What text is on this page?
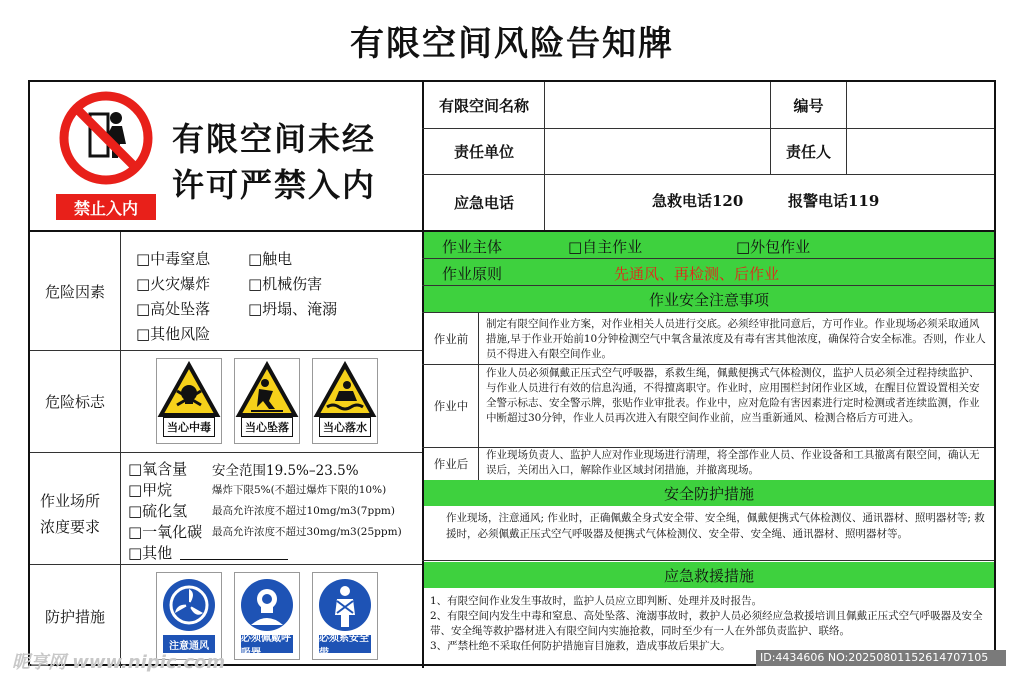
有限空间风险告知牌
禁止入内
有限空间未经
许可严禁入内
有限空间名称	编号
责任单位	责任人
应急电话	急救电话120	报警电话119
危险因素
□中毒窒息	□触电
□火灾爆炸	□机械伤害
□高处坠落	□坍塌、淹溺
□其他风险
危险标志
当心中毒	当心坠落	当心落水
作业场所
浓度要求
□氧含量 安全范围19.5%–23.5%
□甲烷	爆炸下限5%(不超过爆炸下限的10%)
□硫化氢 最高允许浓度不超过10mg/m3(7ppm)
□一氧化碳 最高允许浓度不超过30mg/m3(25ppm)
□其他
防护措施
注意通风
必须佩戴呼吸器
必须系安全带
作业主体	□自主作业	□外包作业
作业原则	先通风、再检测、后作业
作业安全注意事项
作业前
制定有限空间作业方案，对作业相关人员进行交底。必须经审批同意后，方可作业。作业现场必须采取通风措施,早于作业开始前10分钟检测空气中氧含量浓度及有毒有害其他浓度，确保符合安全标准。否则，作业人员不得进入有限空间作业。
作业中
作业人员必须佩戴正压式空气呼吸器，系救生绳，佩戴便携式气体检测仪，监护人员必须全过程持续监护、与作业人员进行有效的信息沟通，不得擅离职守。作业时，应用围栏封闭作业区域，在醒目位置设置相关安全警示标志、安全警示牌，张贴作业审批表。作业中，应对危险有害因素进行定时检测或者连续监测，作业中断超过30分钟，作业人员再次进入有限空间作业前，应当重新通风、检测合格后方可进入。
作业后
作业现场负责人、监护人应对作业现场进行清理，将全部作业人员、作业设备和工具撤离有限空间，确认无误后，关闭出入口，解除作业区域封闭措施，并撤离现场。
安全防护措施
作业现场，注意通风; 作业时，正确佩戴全身式安全带、安全绳，佩戴便携式气体检测仪、通讯器材、照明器材等; 救援时，必须佩戴正压式空气呼吸器及便携式气体检测仪、安全带、安全绳、通讯器材、照明器材等。
应急救援措施
1、有限空间作业发生事故时，监护人员应立即判断、处理并及时报告。
2、有限空间内发生中毒和窒息、高处坠落、淹溺事故时，救护人员必须经应急救援培训且佩戴正压式空气呼吸器及安全带、安全绳等救护器材进入有限空间内实施抢救，同时至少有一人在外部负责监护、联络。
3、严禁杜绝不采取任何防护措施盲目施救，造成事故后果扩大。
昵享网 www.nipic.com	ID:4434606 NO:20250801152614707105
